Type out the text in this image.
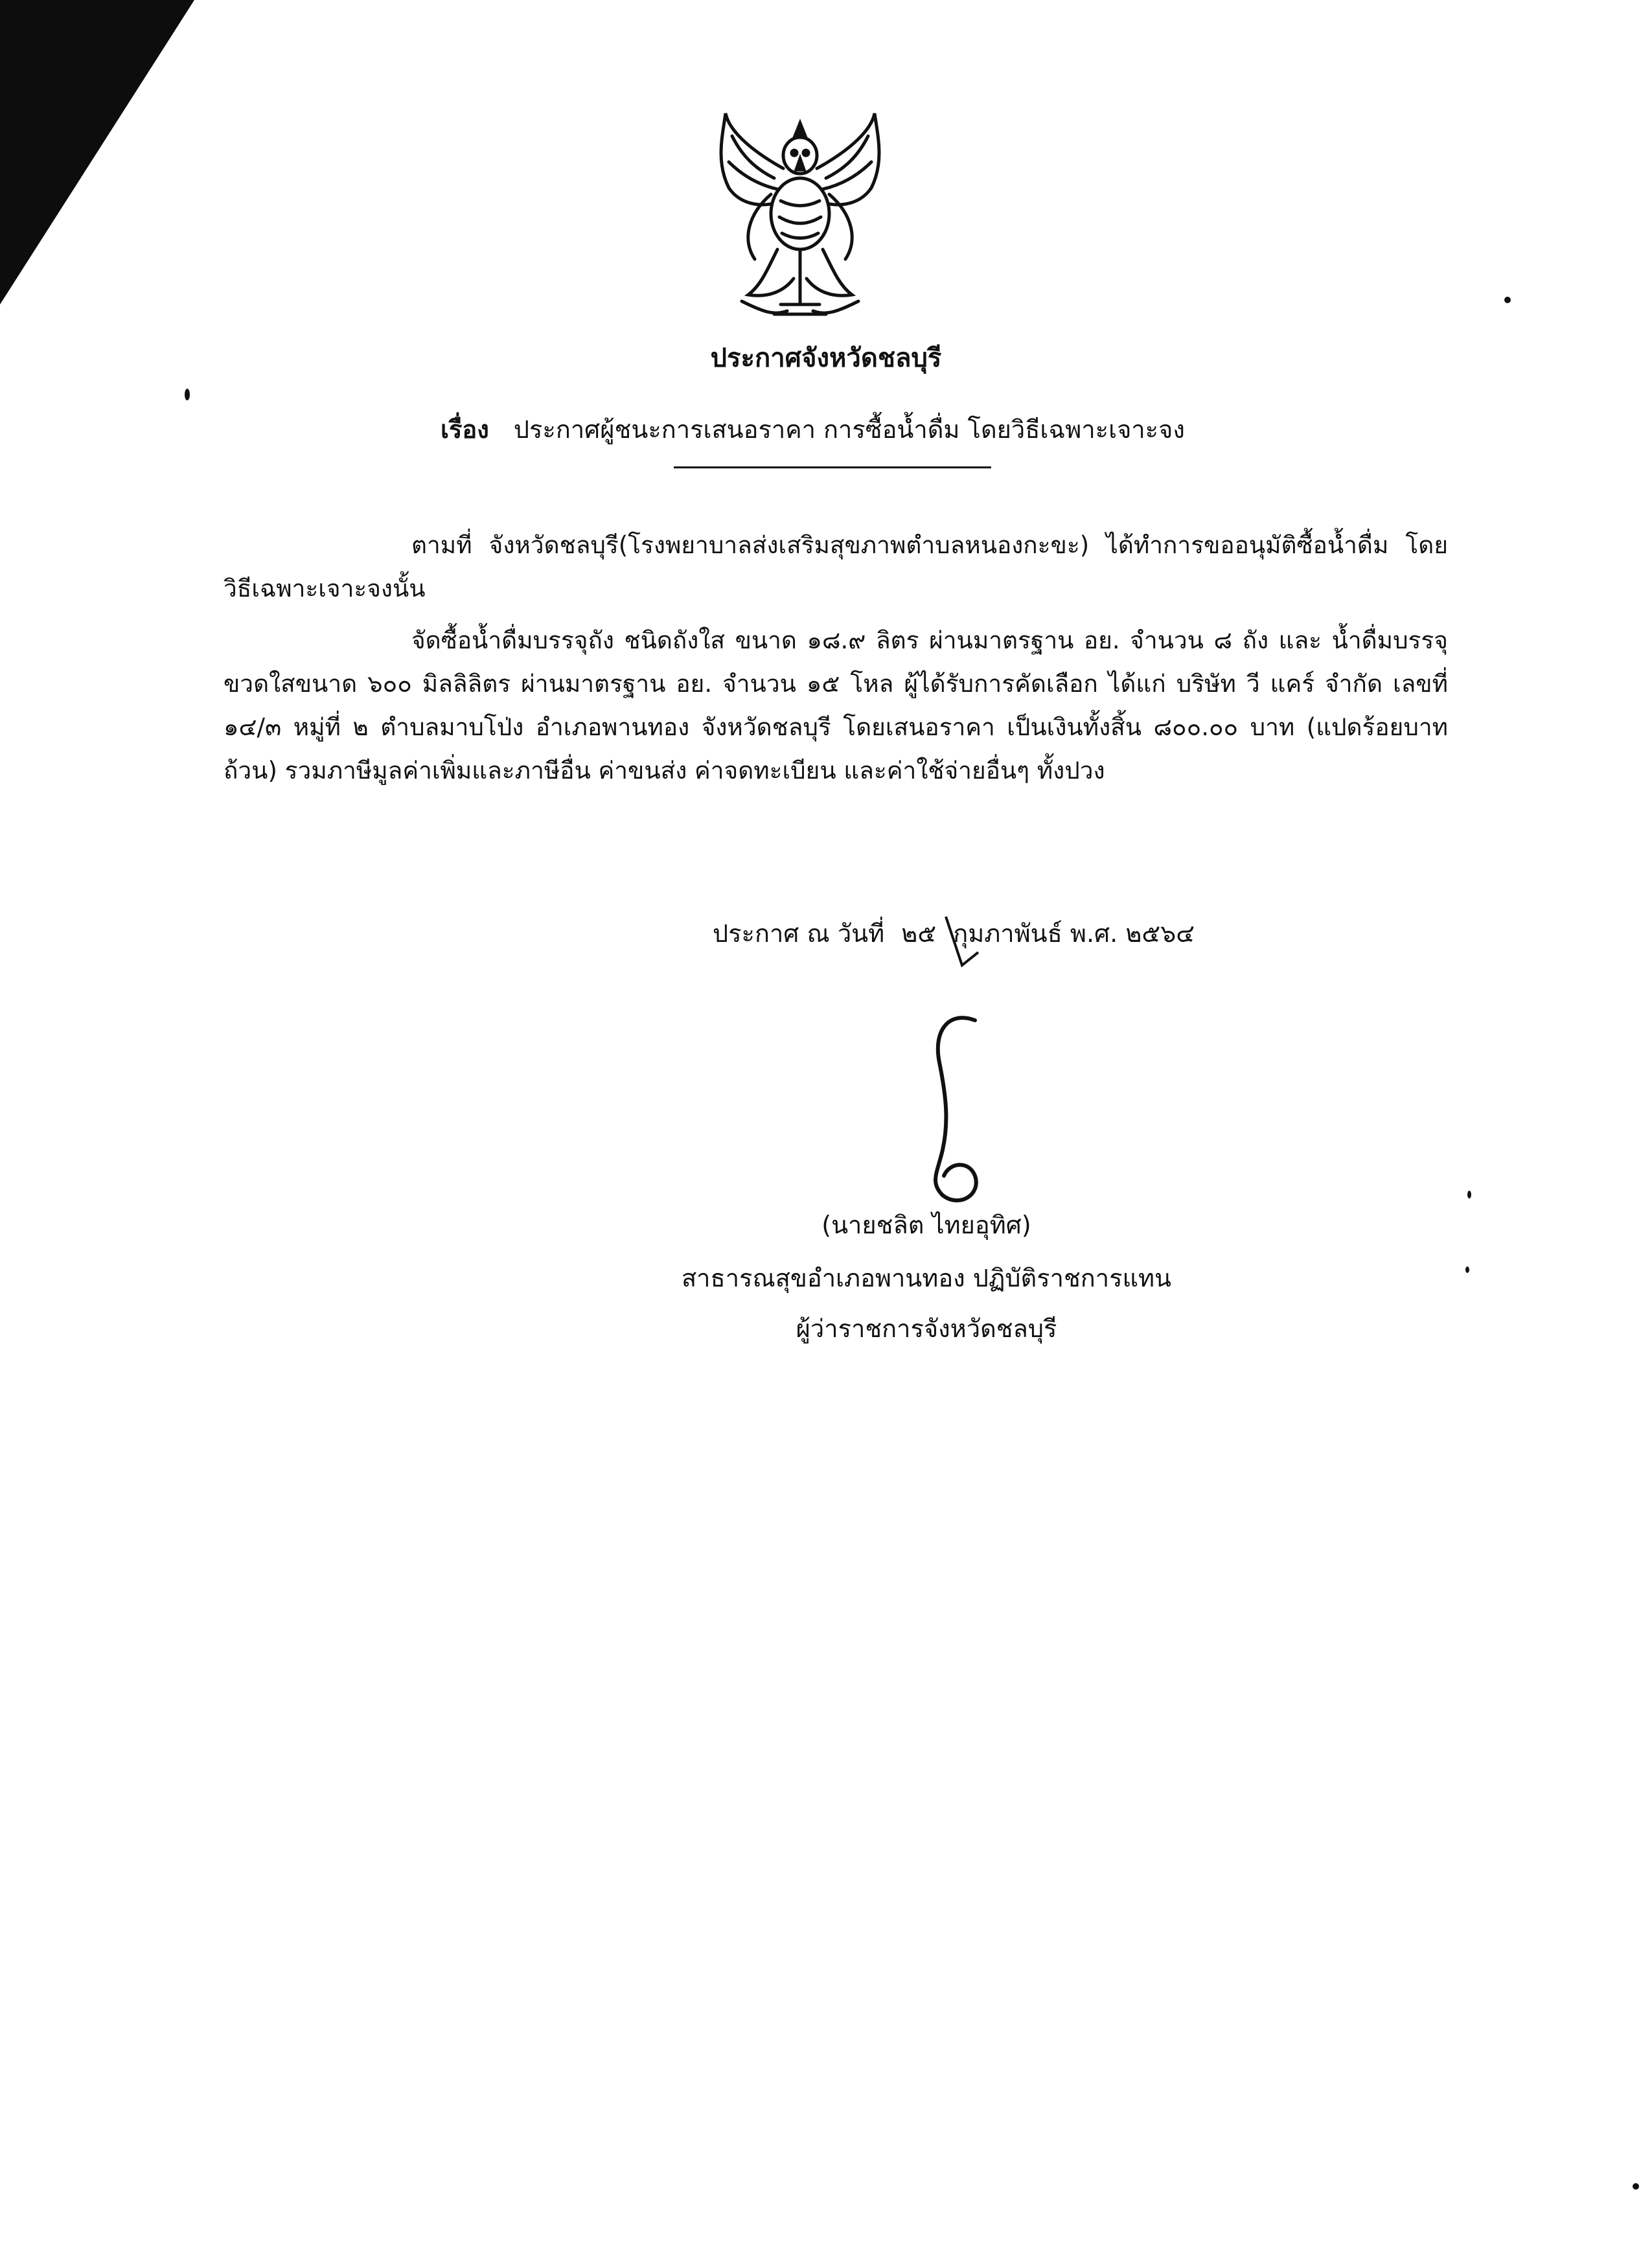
ประกาศจังหวัดชลบุรี
เรื่อง ประกาศผู้ชนะการเสนอราคา การซื้อน้ำดื่ม โดยวิธีเฉพาะเจาะจง
ตามที่ จังหวัดชลบุรี(โรงพยาบาลส่งเสริมสุขภาพตำบลหนองกะขะ) ได้ทำการขออนุมัติซื้อน้ำดื่ม โดยวิธีเฉพาะเจาะจงนั้น
จัดซื้อน้ำดื่มบรรจุถัง ชนิดถังใส ขนาด ๑๘.๙ ลิตร ผ่านมาตรฐาน อย. จำนวน ๘ ถัง และ น้ำดื่มบรรจุขวดใสขนาด ๖๐๐ มิลลิลิตร ผ่านมาตรฐาน อย. จำนวน ๑๕ โหล ผู้ได้รับการคัดเลือก ได้แก่ บริษัท วี แคร์ จำกัด เลขที่ ๑๔/๓ หมู่ที่ ๒ ตำบลมาบโป่ง อำเภอพานทอง จังหวัดชลบุรี โดยเสนอราคา เป็นเงินทั้งสิ้น ๘๐๐.๐๐ บาท (แปดร้อยบาทถ้วน) รวมภาษีมูลค่าเพิ่มและภาษีอื่น ค่าขนส่ง ค่าจดทะเบียน และค่าใช้จ่ายอื่นๆ ทั้งปวง
ประกาศ ณ วันที่ ๒๕ กุมภาพันธ์ พ.ศ. ๒๕๖๔
(นายชลิต ไทยอุทิศ)
สาธารณสุขอำเภอพานทอง ปฏิบัติราชการแทน
ผู้ว่าราชการจังหวัดชลบุรี
